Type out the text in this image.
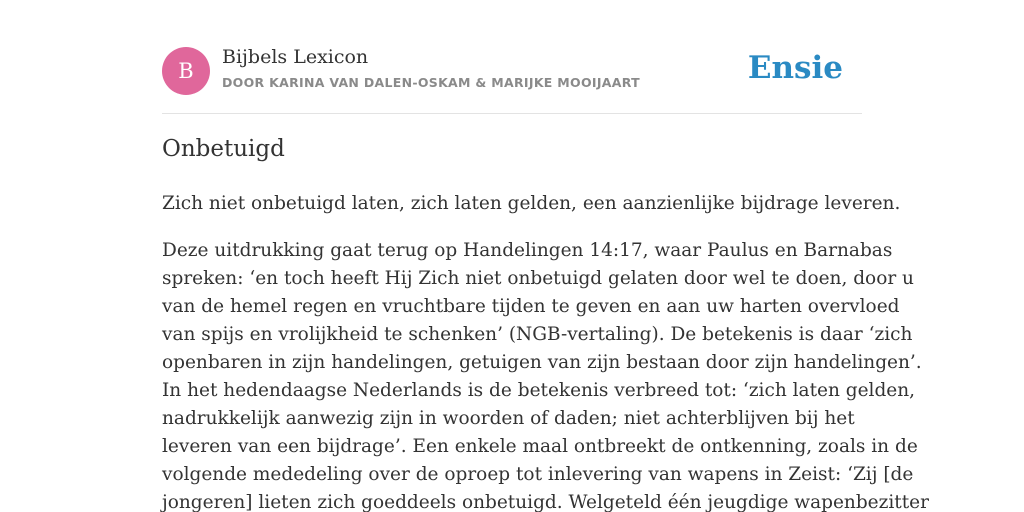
B
Bijbels Lexicon
DOOR KARINA VAN DALEN-OSKAM & MARIJKE MOOIJAART	Ensie
Onbetuigd

Zich niet onbetuigd laten, zich laten gelden, een aanzienlijke bijdrage leveren.

Deze uitdrukking gaat terug op Handelingen 14:17, waar Paulus en Barnabas
spreken: ‘en toch heeft Hij Zich niet onbetuigd gelaten door wel te doen, door u
van de hemel regen en vruchtbare tijden te geven en aan uw harten overvloed
van spijs en vrolijkheid te schenken’ (NGB-vertaling). De betekenis is daar ‘zich
openbaren in zijn handelingen, getuigen van zijn bestaan door zijn handelingen’.
In het hedendaagse Nederlands is de betekenis verbreed tot: ‘zich laten gelden,
nadrukkelijk aanwezig zijn in woorden of daden; niet achterblijven bij het
leveren van een bijdrage’. Een enkele maal ontbreekt de ontkenning, zoals in de
volgende mededeling over de oproep tot inlevering van wapens in Zeist: ‘Zij [de
jongeren] lieten zich goeddeels onbetuigd. Welgeteld één jeugdige wapenbezitter
